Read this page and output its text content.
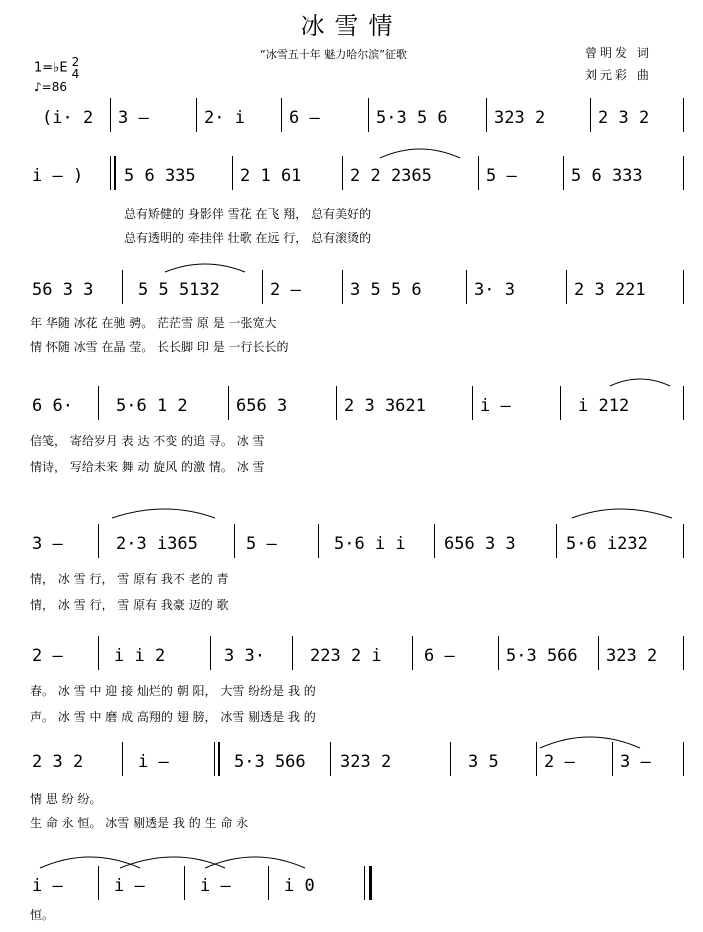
冰雪情
1=♭E 2
4
♪=86
“冰雪五十年 魅力哈尔滨”征歌	曾明发 词
刘元彩 曲
(i· 2 3 –	2· i	6 –	5·3 5 6	323 2	2 3 2
i – ) 5 6 335	2 1 61	2 2 2365	5 –	5 6 333
总有矫健的 身影伴 雪花 在飞 翔， 总有美好的
总有透明的 牵挂伴 壮歌 在远 行， 总有滚烫的
56 3 3	5 5 5132	2 –	3 5 5 6	3· 3	2 3 221
年 华随 冰花 在驰 骋。 茫茫雪 原 是 一张宽大
情 怀随 冰雪 在晶 莹。 长长脚 印 是 一行长长的
6 6·	5·6 1 2	656 3	2 3 3621	i –	i 212
信笺， 寄给岁月 表 达 不变 的追 寻。 冰 雪
情诗， 写给未来 舞 动 旋风 的激 情。 冰 雪
3 –	2·3 i365	5 –	5·6 i i 656 3 3	5·6 i232
情， 冰 雪 行， 雪 原有 我不 老的 青
情， 冰 雪 行， 雪 原有 我豪 迈的 歌
2 –	i i 2	3 3·	223 2 i 6 –	5·3 566 323 2
春。 冰 雪 中 迎 接 灿烂的 朝 阳， 大雪 纷纷是 我 的
声。 冰 雪 中 磨 成 高翔的 翅 膀， 冰雪 剔透是 我 的
2 3 2	i –	5·3 566 323 2	3 5	2 –	3 –
情 思 纷 纷。
生 命 永 恒。 冰雪 剔透是 我 的 生 命 永
i –	i –	i –	i 0
恒。
